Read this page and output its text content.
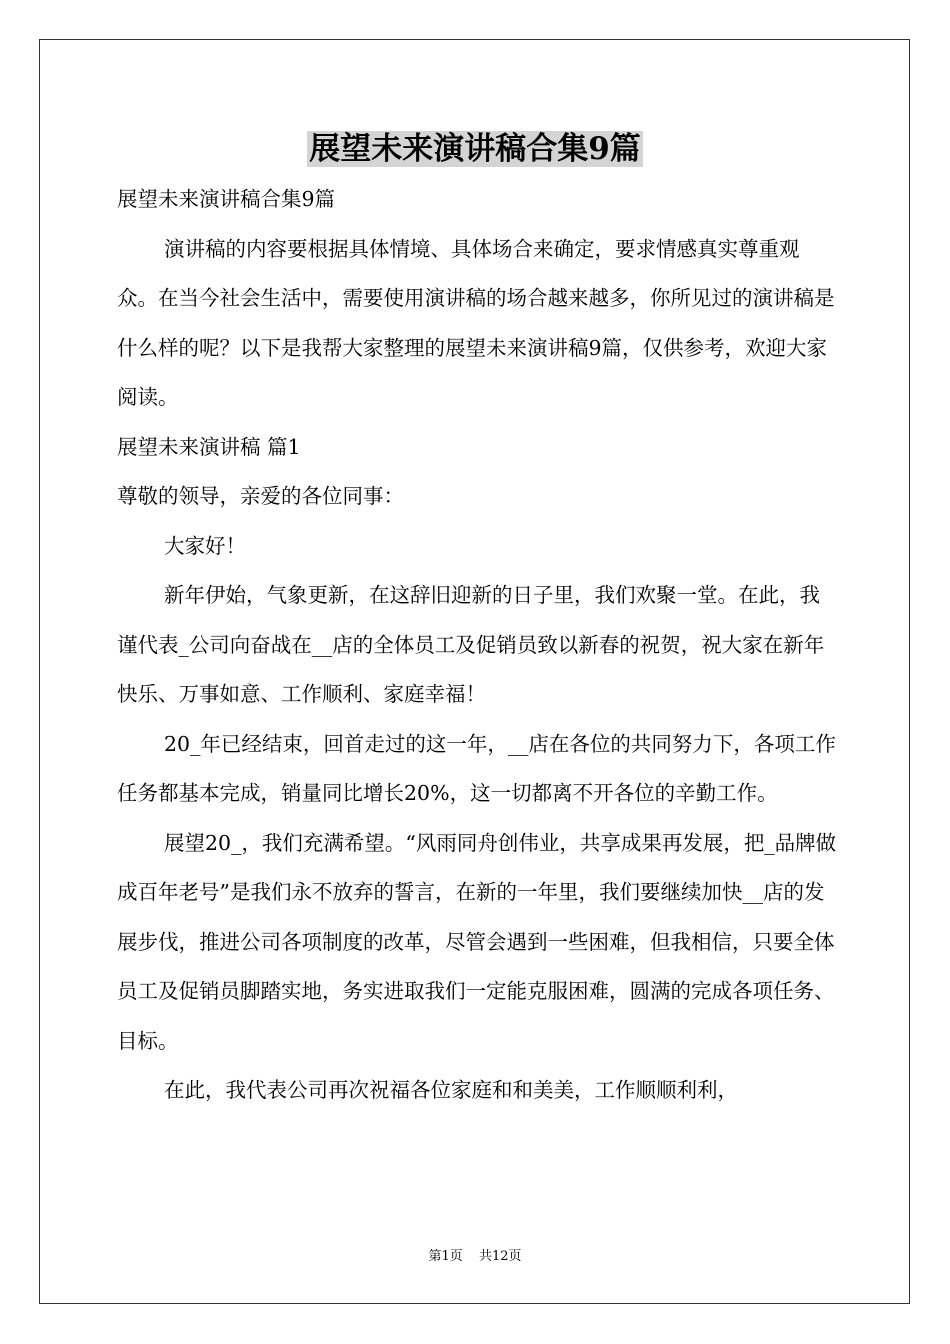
展望未来演讲稿合集9篇

展望未来演讲稿合集9篇

演讲稿的内容要根据具体情境、具体场合来确定，要求情感真实尊重观众。在当今社会生活中，需要使用演讲稿的场合越来越多，你所见过的演讲稿是什么样的呢？以下是我帮大家整理的展望未来演讲稿9篇，仅供参考，欢迎大家阅读。

展望未来演讲稿 篇1

尊敬的领导，亲爱的各位同事：

大家好！

新年伊始，气象更新，在这辞旧迎新的日子里，我们欢聚一堂。在此，我谨代表_公司向奋战在__店的全体员工及促销员致以新春的祝贺，祝大家在新年快乐、万事如意、工作顺利、家庭幸福！

20_年已经结束，回首走过的这一年，__店在各位的共同努力下，各项工作任务都基本完成，销量同比增长20%，这一切都离不开各位的辛勤工作。

展望20_，我们充满希望。“风雨同舟创伟业，共享成果再发展，把_品牌做成百年老号”是我们永不放弃的誓言，在新的一年里，我们要继续加快__店的发展步伐，推进公司各项制度的改革，尽管会遇到一些困难，但我相信，只要全体员工及促销员脚踏实地，务实进取我们一定能克服困难，圆满的完成各项任务、目标。

在此，我代表公司再次祝福各位家庭和和美美，工作顺顺利利，

第1页 共12页
